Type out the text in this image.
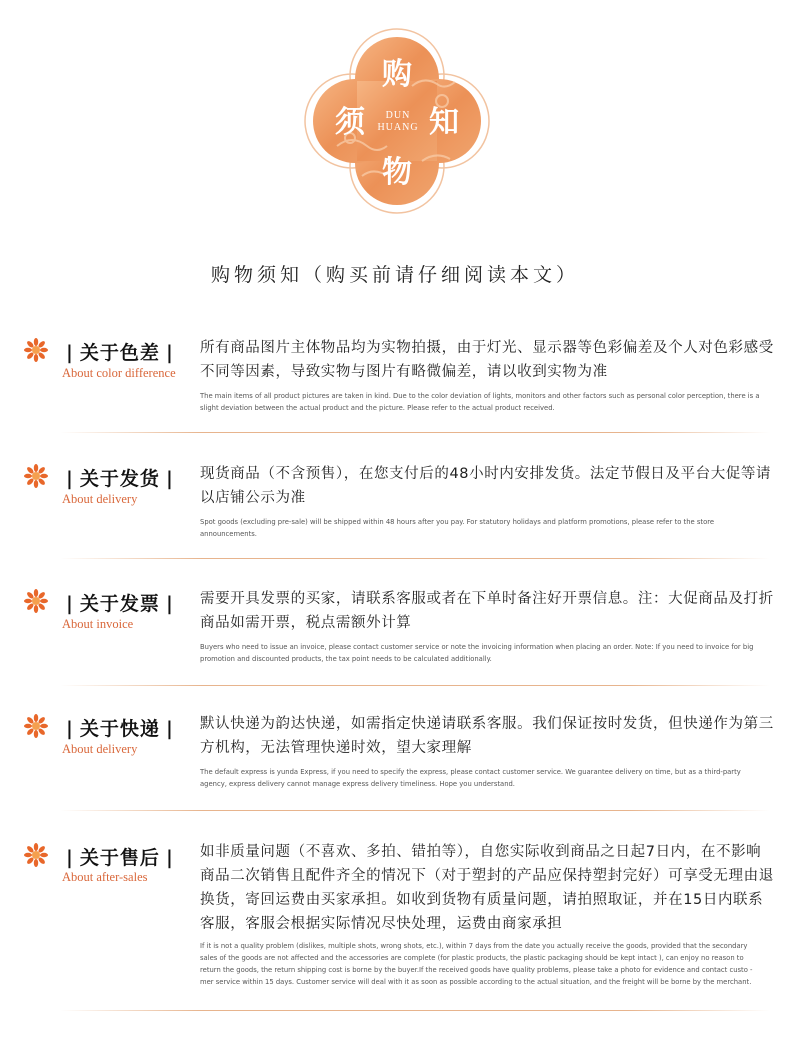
购
须 知
物
DUN
HUANG
购物须知（购买前请仔细阅读本文）
| 关于色差 |
About color difference
所有商品图片主体物品均为实物拍摄，由于灯光、显示器等色彩偏差及个人对色彩感受不同等因素，导致实物与图片有略微偏差，请以收到实物为准
The main items of all product pictures are taken in kind. Due to the color deviation of lights, monitors and other factors such as personal color perception, there is a slight deviation between the actual product and the picture. Please refer to the actual product received.
| 关于发货 |
About delivery
现货商品（不含预售），在您支付后的48小时内安排发货。法定节假日及平台大促等请以店铺公示为准
Spot goods (excluding pre-sale) will be shipped within 48 hours after you pay. For statutory holidays and platform promotions, please refer to the store announcements.
| 关于发票 |
About invoice
需要开具发票的买家，请联系客服或者在下单时备注好开票信息。注：大促商品及打折商品如需开票，税点需额外计算
Buyers who need to issue an invoice, please contact customer service or note the invoicing information when placing an order. Note: If you need to invoice for big promotion and discounted products, the tax point needs to be calculated additionally.
| 关于快递 |
About delivery
默认快递为韵达快递，如需指定快递请联系客服。我们保证按时发货，但快递作为第三方机构，无法管理快递时效，望大家理解
The default express is yunda Express, if you need to specify the express, please contact customer service. We guarantee delivery on time, but as a third-party agency, express delivery cannot manage express delivery timeliness. Hope you understand.
| 关于售后 |
About after-sales
如非质量问题（不喜欢、多拍、错拍等），自您实际收到商品之日起7日内，在不影响商品二次销售且配件齐全的情况下（对于塑封的产品应保持塑封完好）可享受无理由退换货，寄回运费由买家承担。如收到货物有质量问题，请拍照取证，并在15日内联系客服，客服会根据实际情况尽快处理，运费由商家承担
If it is not a quality problem (dislikes, multiple shots, wrong shots, etc.), within 7 days from the date you actually receive the goods, provided that the secondary sales of the goods are not affected and the accessories are complete (for plastic products, the plastic packaging should be kept intact ), can enjoy no reason to return the goods, the return shipping cost is borne by the buyer.If the received goods have quality problems, please take a photo for evidence and contact custo -mer service within 15 days. Customer service will deal with it as soon as possible according to the actual situation, and the freight will be borne by the merchant.
